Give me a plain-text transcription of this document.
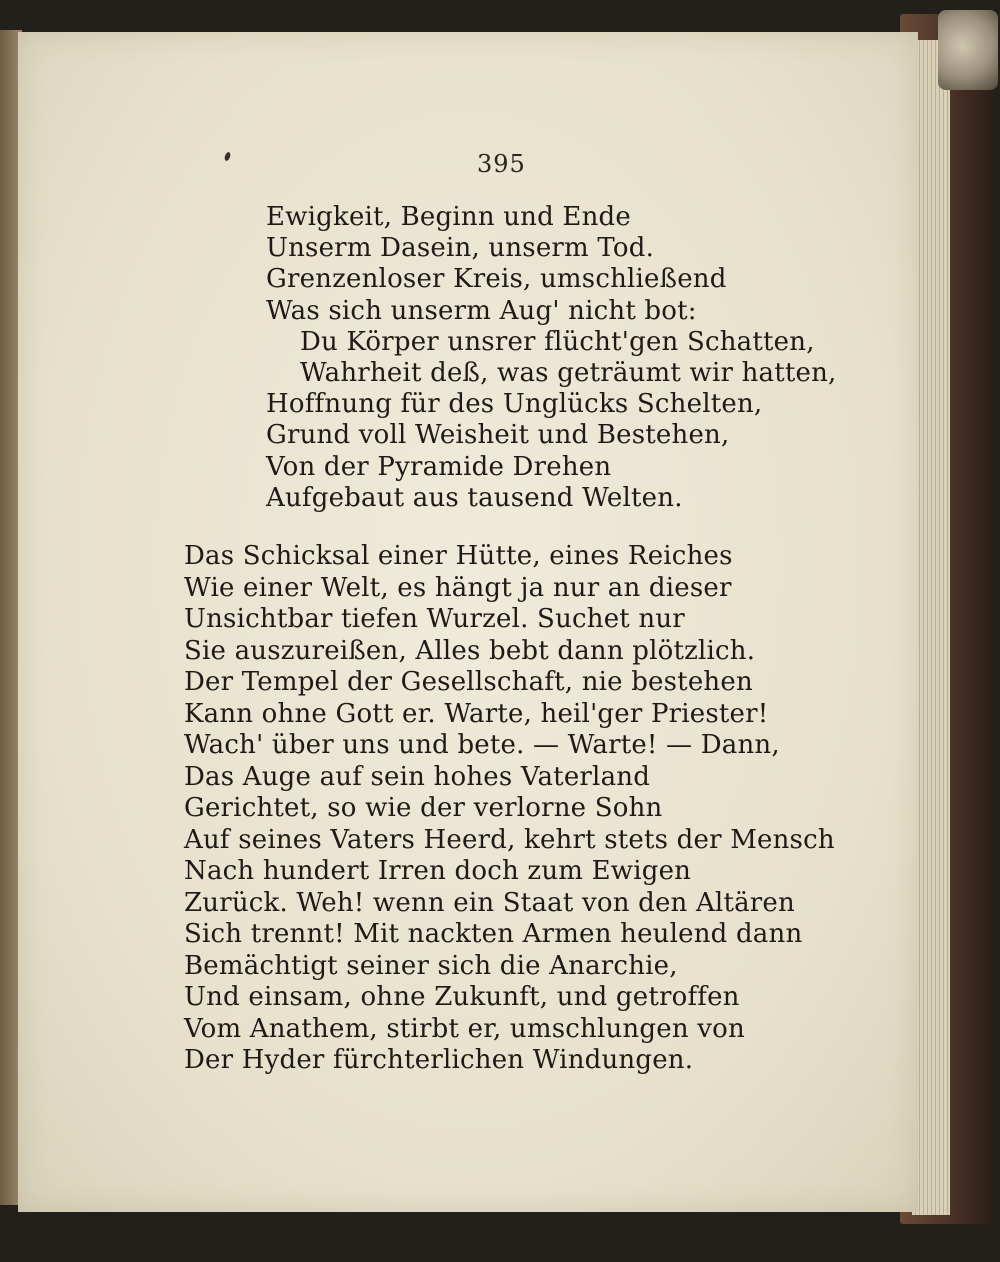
395

Ewigkeit, Beginn und Ende

Unserm Dasein, unserm Tod.

Grenzenloser Kreis, umschließend

Was sich unserm Aug' nicht bot:

Du Körper unsrer flücht'gen Schatten,

Wahrheit deß, was geträumt wir hatten,

Hoffnung für des Unglücks Schelten,

Grund voll Weisheit und Bestehen,

Von der Pyramide Drehen

Aufgebaut aus tausend Welten.

Das Schicksal einer Hütte, eines Reiches

Wie einer Welt, es hängt ja nur an dieser

Unsichtbar tiefen Wurzel. Suchet nur

Sie auszureißen, Alles bebt dann plötzlich.

Der Tempel der Gesellschaft, nie bestehen

Kann ohne Gott er. Warte, heil'ger Priester!

Wach' über uns und bete. — Warte! — Dann,

Das Auge auf sein hohes Vaterland

Gerichtet, so wie der verlorne Sohn

Auf seines Vaters Heerd, kehrt stets der Mensch

Nach hundert Irren doch zum Ewigen

Zurück. Weh! wenn ein Staat von den Altären

Sich trennt! Mit nackten Armen heulend dann

Bemächtigt seiner sich die Anarchie,

Und einsam, ohne Zukunft, und getroffen

Vom Anathem, stirbt er, umschlungen von

Der Hyder fürchterlichen Windungen.
